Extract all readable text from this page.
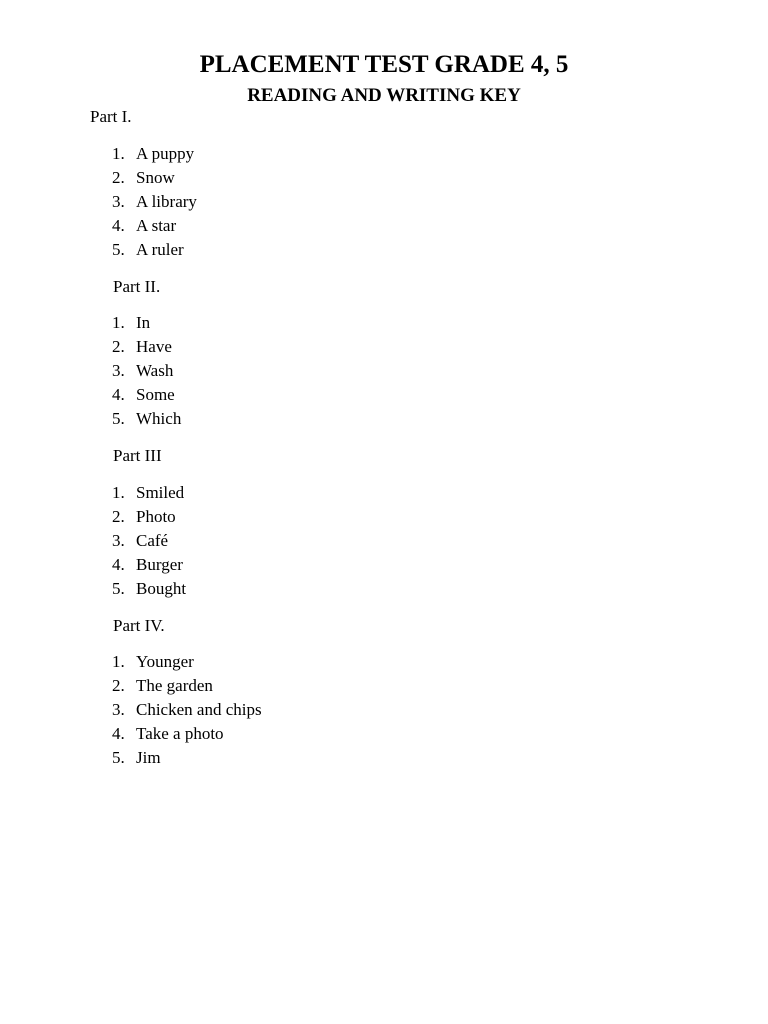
PLACEMENT TEST GRADE 4, 5
READING AND WRITING KEY

Part I.

1. A puppy
2. Snow
3. A library
4. A star
5. A ruler

Part II.

1. In
2. Have
3. Wash
4. Some
5. Which

Part III

1. Smiled
2. Photo
3. Café
4. Burger
5. Bought

Part IV.

1. Younger
2. The garden
3. Chicken and chips
4. Take a photo
5. Jim
